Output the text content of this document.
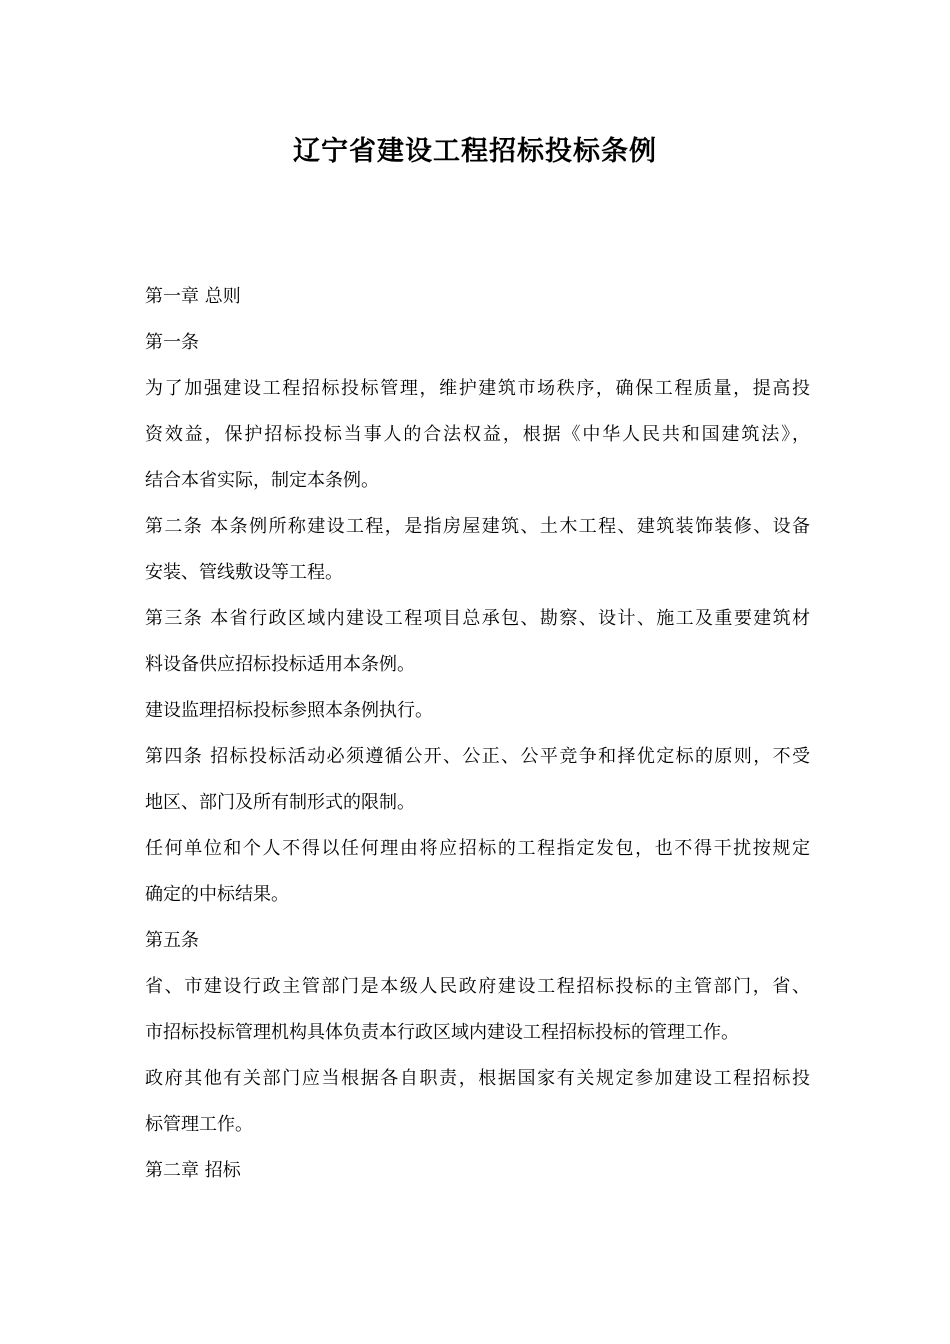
辽宁省建设工程招标投标条例
第一章 总则
第一条
为了加强建设工程招标投标管理，维护建筑市场秩序，确保工程质量，提高投
资效益，保护招标投标当事人的合法权益，根据《中华人民共和国建筑法》，
结合本省实际，制定本条例。
第二条 本条例所称建设工程，是指房屋建筑、土木工程、建筑装饰装修、设备
安装、管线敷设等工程。
第三条 本省行政区域内建设工程项目总承包、勘察、设计、施工及重要建筑材
料设备供应招标投标适用本条例。
建设监理招标投标参照本条例执行。
第四条 招标投标活动必须遵循公开、公正、公平竞争和择优定标的原则，不受
地区、部门及所有制形式的限制。
任何单位和个人不得以任何理由将应招标的工程指定发包，也不得干扰按规定
确定的中标结果。
第五条
省、市建设行政主管部门是本级人民政府建设工程招标投标的主管部门，省、
市招标投标管理机构具体负责本行政区域内建设工程招标投标的管理工作。
政府其他有关部门应当根据各自职责，根据国家有关规定参加建设工程招标投
标管理工作。
第二章 招标
